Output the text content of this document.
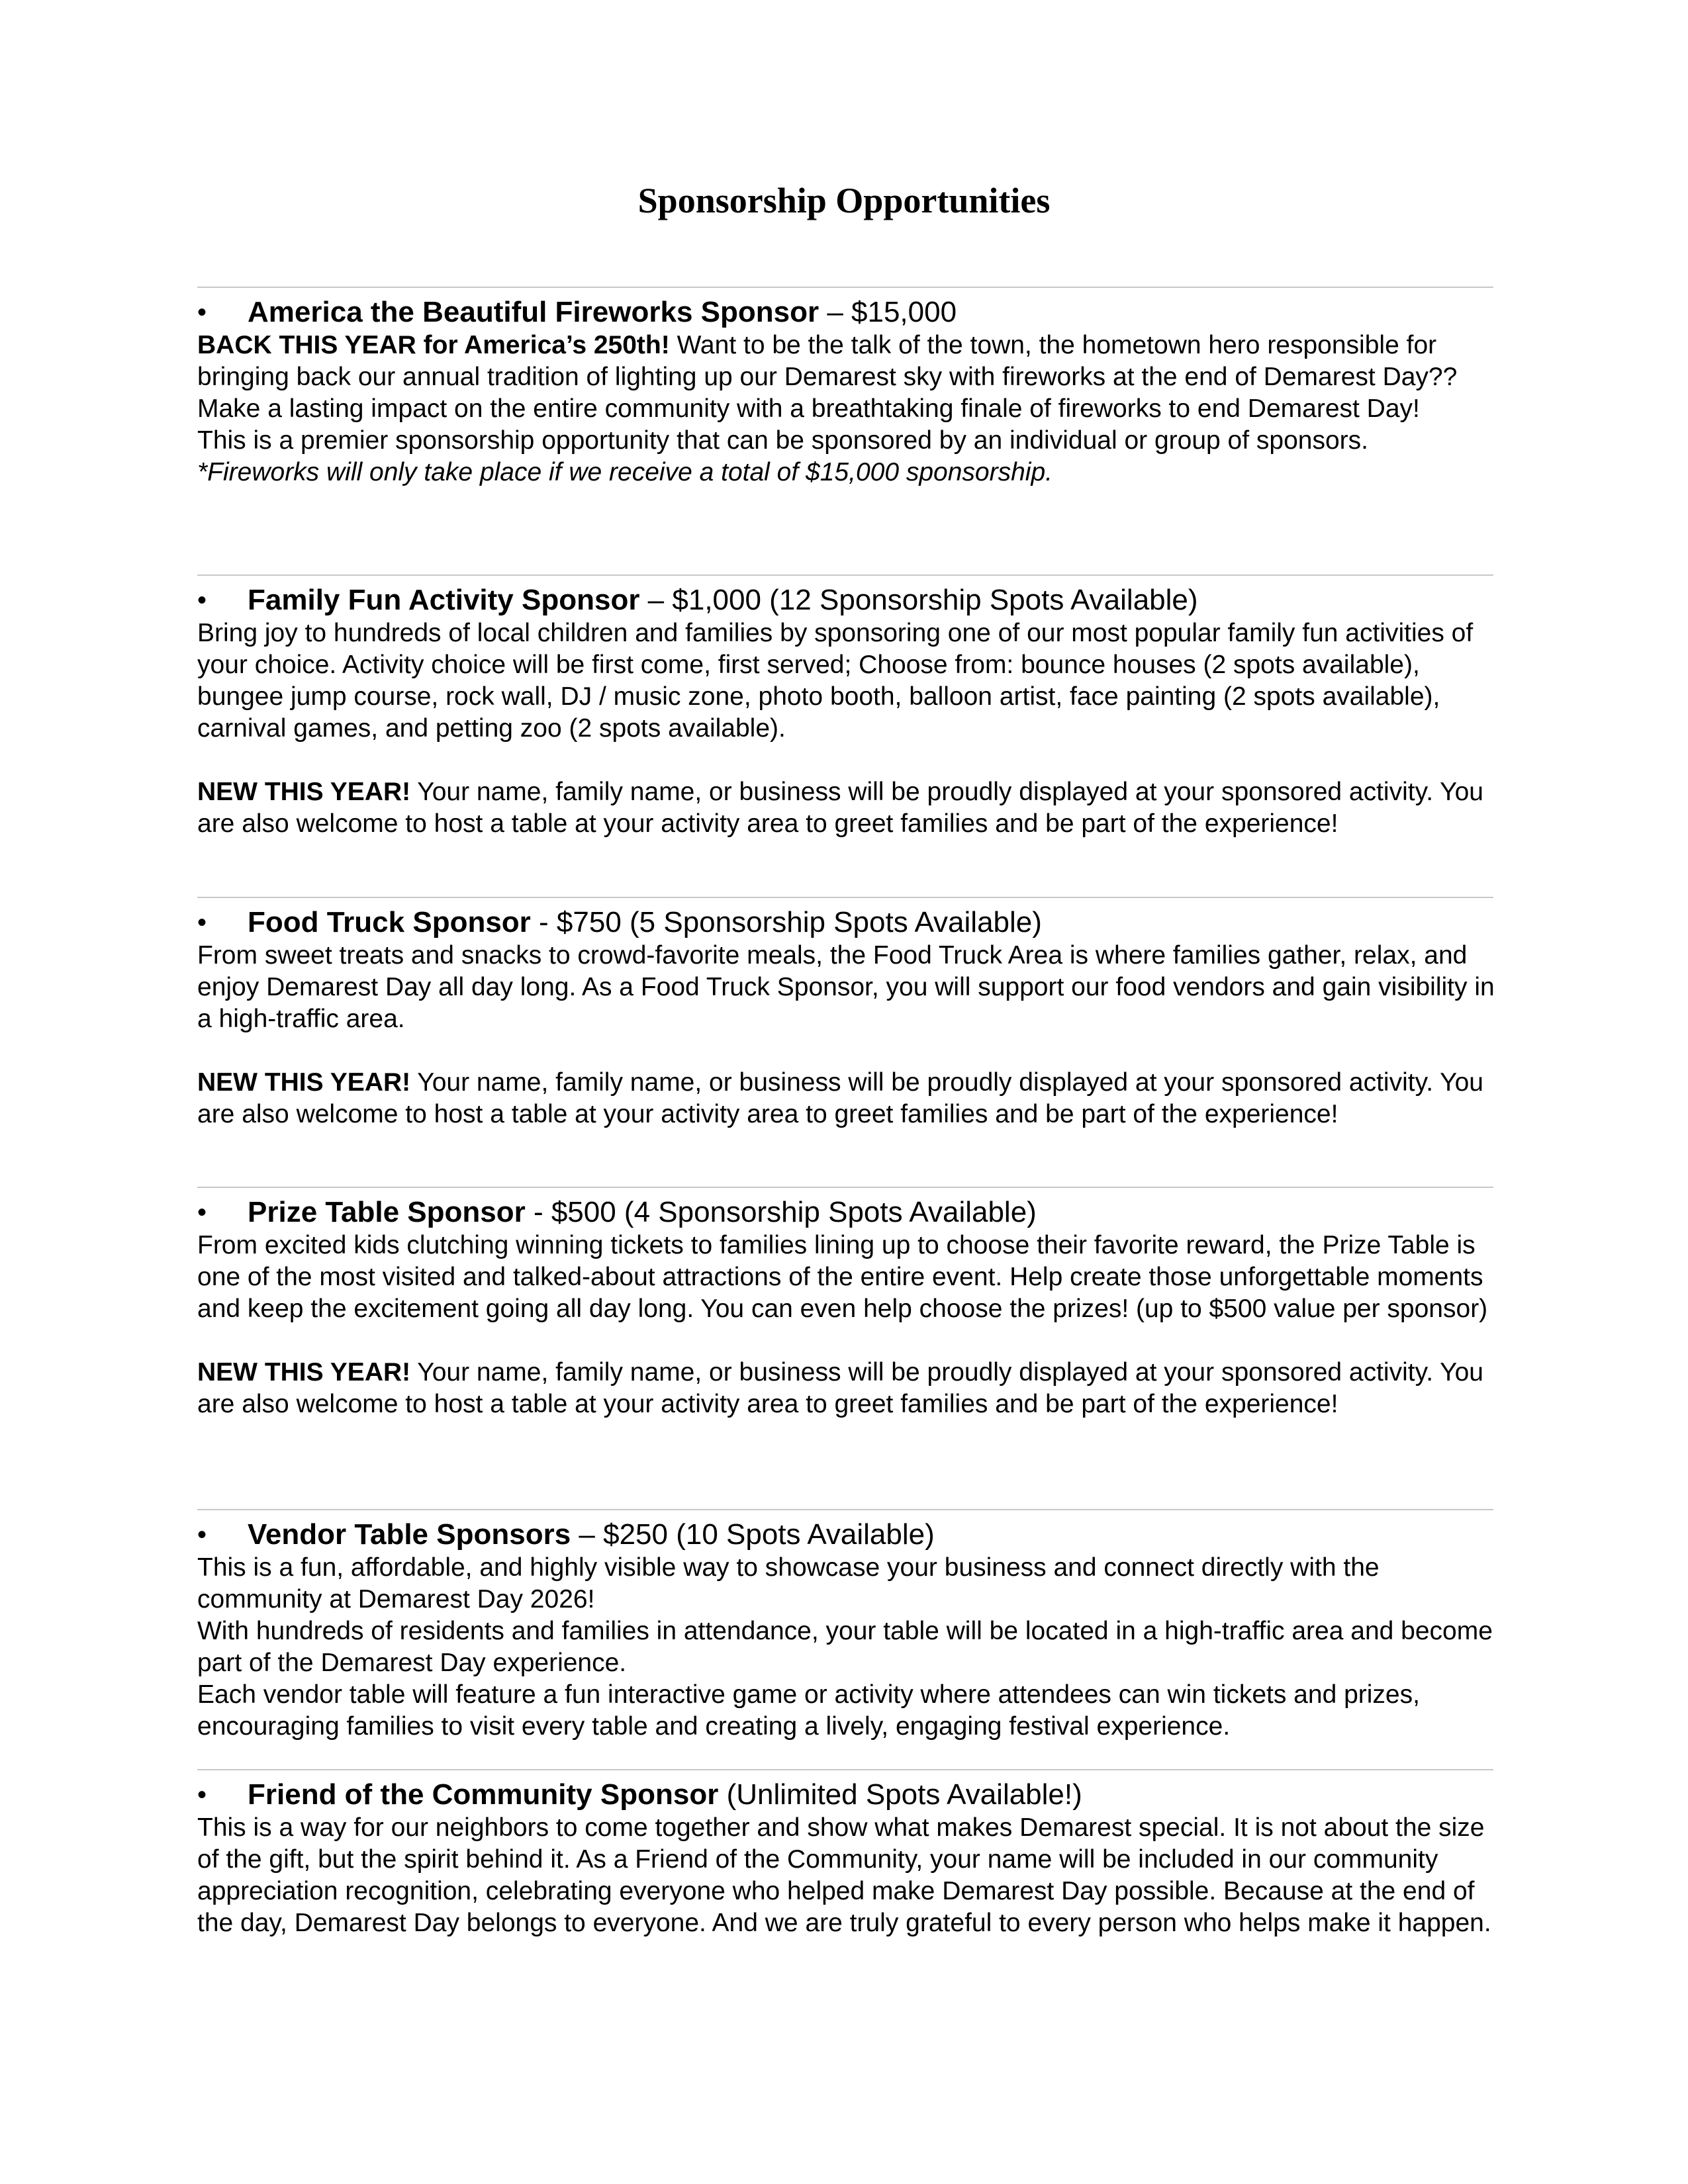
Sponsorship Opportunities
•	America the Beautiful Fireworks Sponsor – $15,000

BACK THIS YEAR for America’s 250th! Want to be the talk of the town, the hometown hero responsible for bringing back our annual tradition of lighting up our Demarest sky with fireworks at the end of Demarest Day??

Make a lasting impact on the entire community with a breathtaking finale of fireworks to end Demarest Day!

This is a premier sponsorship opportunity that can be sponsored by an individual or group of sponsors.

*Fireworks will only take place if we receive a total of $15,000 sponsorship.

•	Family Fun Activity Sponsor – $1,000 (12 Sponsorship Spots Available)

Bring joy to hundreds of local children and families by sponsoring one of our most popular family fun activities of your choice. Activity choice will be first come, first served; Choose from: bounce houses (2 spots available), bungee jump course, rock wall, DJ / music zone, photo booth, balloon artist, face painting (2 spots available), carnival games, and petting zoo (2 spots available).

NEW THIS YEAR! Your name, family name, or business will be proudly displayed at your sponsored activity. You are also welcome to host a table at your activity area to greet families and be part of the experience!

•	Food Truck Sponsor - $750 (5 Sponsorship Spots Available)

From sweet treats and snacks to crowd-favorite meals, the Food Truck Area is where families gather, relax, and enjoy Demarest Day all day long. As a Food Truck Sponsor, you will support our food vendors and gain visibility in a high-traffic area.

NEW THIS YEAR! Your name, family name, or business will be proudly displayed at your sponsored activity. You are also welcome to host a table at your activity area to greet families and be part of the experience!

•	Prize Table Sponsor - $500 (4 Sponsorship Spots Available)

From excited kids clutching winning tickets to families lining up to choose their favorite reward, the Prize Table is one of the most visited and talked-about attractions of the entire event. Help create those unforgettable moments and keep the excitement going all day long. You can even help choose the prizes! (up to $500 value per sponsor)

NEW THIS YEAR! Your name, family name, or business will be proudly displayed at your sponsored activity. You are also welcome to host a table at your activity area to greet families and be part of the experience!

•	Vendor Table Sponsors – $250 (10 Spots Available)

This is a fun, affordable, and highly visible way to showcase your business and connect directly with the community at Demarest Day 2026!

With hundreds of residents and families in attendance, your table will be located in a high-traffic area and become part of the Demarest Day experience.

Each vendor table will feature a fun interactive game or activity where attendees can win tickets and prizes, encouraging families to visit every table and creating a lively, engaging festival experience.

•	Friend of the Community Sponsor (Unlimited Spots Available!)

This is a way for our neighbors to come together and show what makes Demarest special. It is not about the size of the gift, but the spirit behind it. As a Friend of the Community, your name will be included in our community appreciation recognition, celebrating everyone who helped make Demarest Day possible. Because at the end of the day, Demarest Day belongs to everyone. And we are truly grateful to every person who helps make it happen.
